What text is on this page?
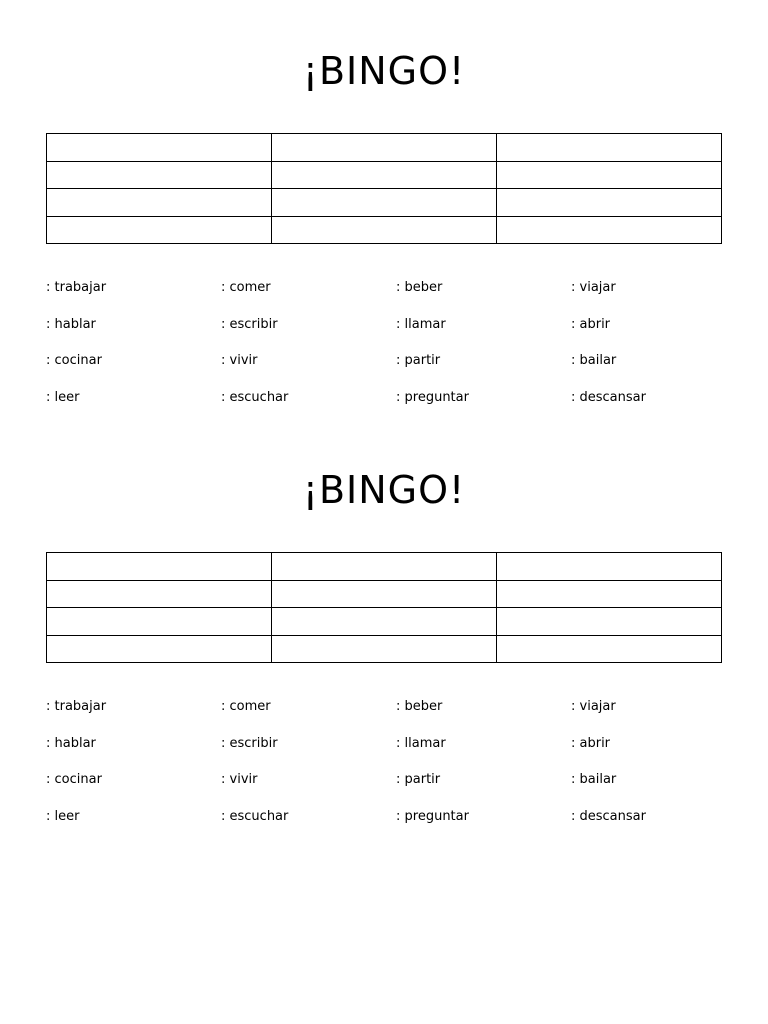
¡BINGO!

: trabajar	: comer	: beber	: viajar
: hablar	: escribir	: llamar	: abrir
: cocinar	: vivir	: partir	: bailar
: leer	: escuchar	: preguntar	: descansar
¡BINGO!

: trabajar	: comer	: beber	: viajar
: hablar	: escribir	: llamar	: abrir
: cocinar	: vivir	: partir	: bailar
: leer	: escuchar	: preguntar	: descansar
